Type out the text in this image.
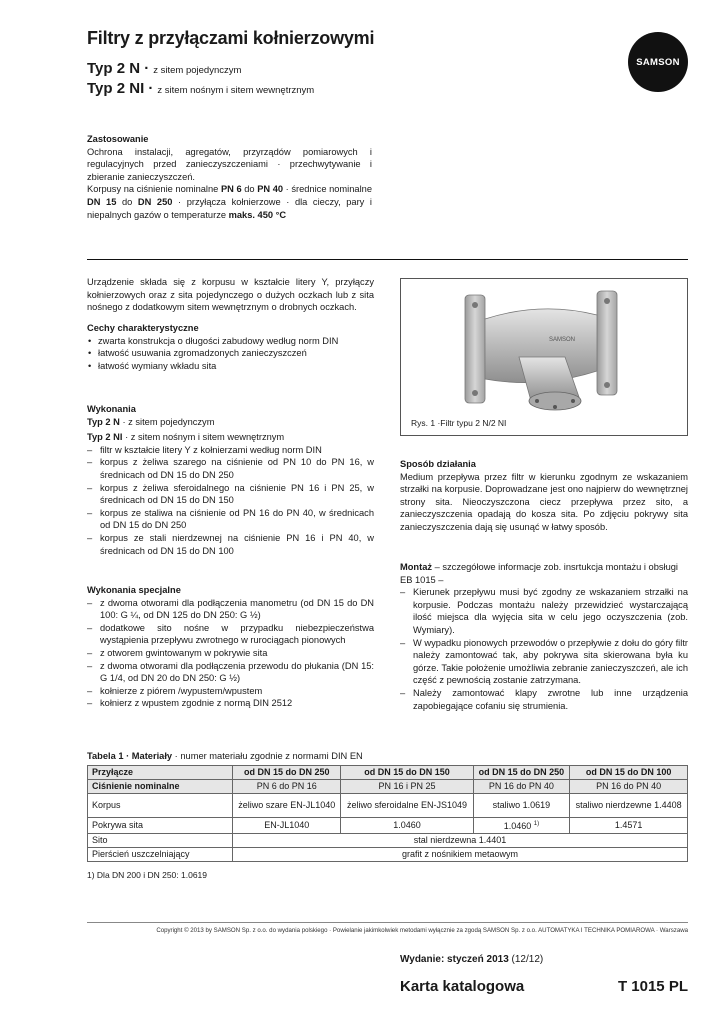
Filtry z przyłączami kołnierzowymi
Typ 2 N · z sitem pojedynczym
Typ 2 NI · z sitem nośnym i sitem wewnętrznym
SAMSON

Zastosowanie

Ochrona instalacji, agregatów, przyrządów pomiarowych i regulacyjnych przed zanieczyszczeniami · przechwytywanie i zbieranie zanieczyszczeń.

Korpusy na ciśnienie nominalne PN 6 do PN 40 · średnice nominalne DN 15 do DN 250 · przyłącza kołnierzowe · dla cieczy, pary i niepalnych gazów o temperaturze maks. 450 °C

Urządzenie składa się z korpusu w kształcie litery Y, przyłączy kołnierzowych oraz z sita pojedynczego o dużych oczkach lub z sita nośnego z dodatkowym sitem wewnętrznym o drobnych oczkach.

Cechy charakterystyczne

• zwarta konstrukcja o długości zabudowy według norm DIN
• łatwość usuwania zgromadzonych zanieczyszczeń
• łatwość wymiany wkładu sita

Wykonania

Typ 2 N · z sitem pojedynczym

Typ 2 NI · z sitem nośnym i sitem wewnętrznym

– filtr w kształcie litery Y z kołnierzami według norm DIN
– korpus z żeliwa szarego na ciśnienie od PN 10 do PN 16, w średnicach od DN 15 do DN 250
– korpus z żeliwa sferoidalnego na ciśnienie PN 16 i PN 25, w średnicach od DN 15 do DN 150
– korpus ze staliwa na ciśnienie od PN 16 do PN 40, w średnicach od DN 15 do DN 250
– korpus ze stali nierdzewnej na ciśnienie PN 16 i PN 40, w średnicach od DN 15 do DN 100

Wykonania specjalne

– z dwoma otworami dla podłączenia manometru (od DN 15 do DN 100: G ¼, od DN 125 do DN 250: G ½)
– dodatkowe sito nośne w przypadku niebezpieczeństwa wystąpienia przepływu zwrotnego w rurociągach pionowych
– z otworem gwintowanym w pokrywie sita
– z dwoma otworami dla podłączenia przewodu do płukania (DN 15: G 1/4, od DN 20 do DN 250: G ½)
– kołnierze z piórem /wypustem/wpustem
– kołnierz z wpustem zgodnie z normą DIN 2512
SAMSON
Rys. 1 ·Filtr typu 2 N/2 NI

Sposób działania

Medium przepływa przez filtr w kierunku zgodnym ze wskazaniem strzałki na korpusie. Doprowadzane jest ono najpierw do wewnętrznej strony sita. Nieoczyszczona ciecz przepływa przez sito, a zanieczyszczenia opadają do kosza sita. Po zdjęciu pokrywy sita zanieczyszczenia dają się usunąć w łatwy sposób.

Montaż – szczegółowe informacje zob. insrtukcja montażu i obsługi EB 1015 –

– Kierunek przepływu musi być zgodny ze wskazaniem strzałki na korpusie. Podczas montażu należy przewidzieć wystarczającą ilość miejsca dla wyjęcia sita w celu jego oczyszczenia (zob. Wymiary).
– W wypadku pionowych przewodów o przepływie z dołu do góry filtr należy zamontować tak, aby pokrywa sita skierowana była ku górze. Takie położenie umożliwia zebranie zanieczyszczeń, ale ich część z pewnością zostanie zatrzymana.
– Należy zamontować klapy zwrotne lub inne urządzenia zapobiegające cofaniu się strumienia.
Tabela 1 · Materiały · numer materiału zgodnie z normami DIN EN
Przyłącze	od DN 15 do DN 250	od DN 15 do DN 150	od DN 15 do DN 250	od DN 15 do DN 100
Ciśnienie nominalne	PN 6 do PN 16	PN 16 i PN 25	PN 16 do PN 40	PN 16 do PN 40
Korpus	żeliwo szare EN-JL1040	żeliwo sferoidalne EN-JS1049	staliwo 1.0619	staliwo nierdzewne 1.4408
Pokrywa sita	EN-JL1040	1.0460	1.0460 $^{1)}$	1.4571
Sito	stal nierdzewna 1.4401			
Pierścień uszczelniający	grafit z nośnikiem metaowym			
1) Dla DN 200 i DN 250: 1.0619
Copyright © 2013 by SAMSON Sp. z o.o. do wydania polskiego · Powielanie jakimkolwiek metodami wyłącznie za zgodą SAMSON Sp. z o.o. AUTOMATYKA I TECHNIKA POMIAROWA · Warszawa
Wydanie: styczeń 2013 (12/12)
Karta katalogowa	T 1015 PL
